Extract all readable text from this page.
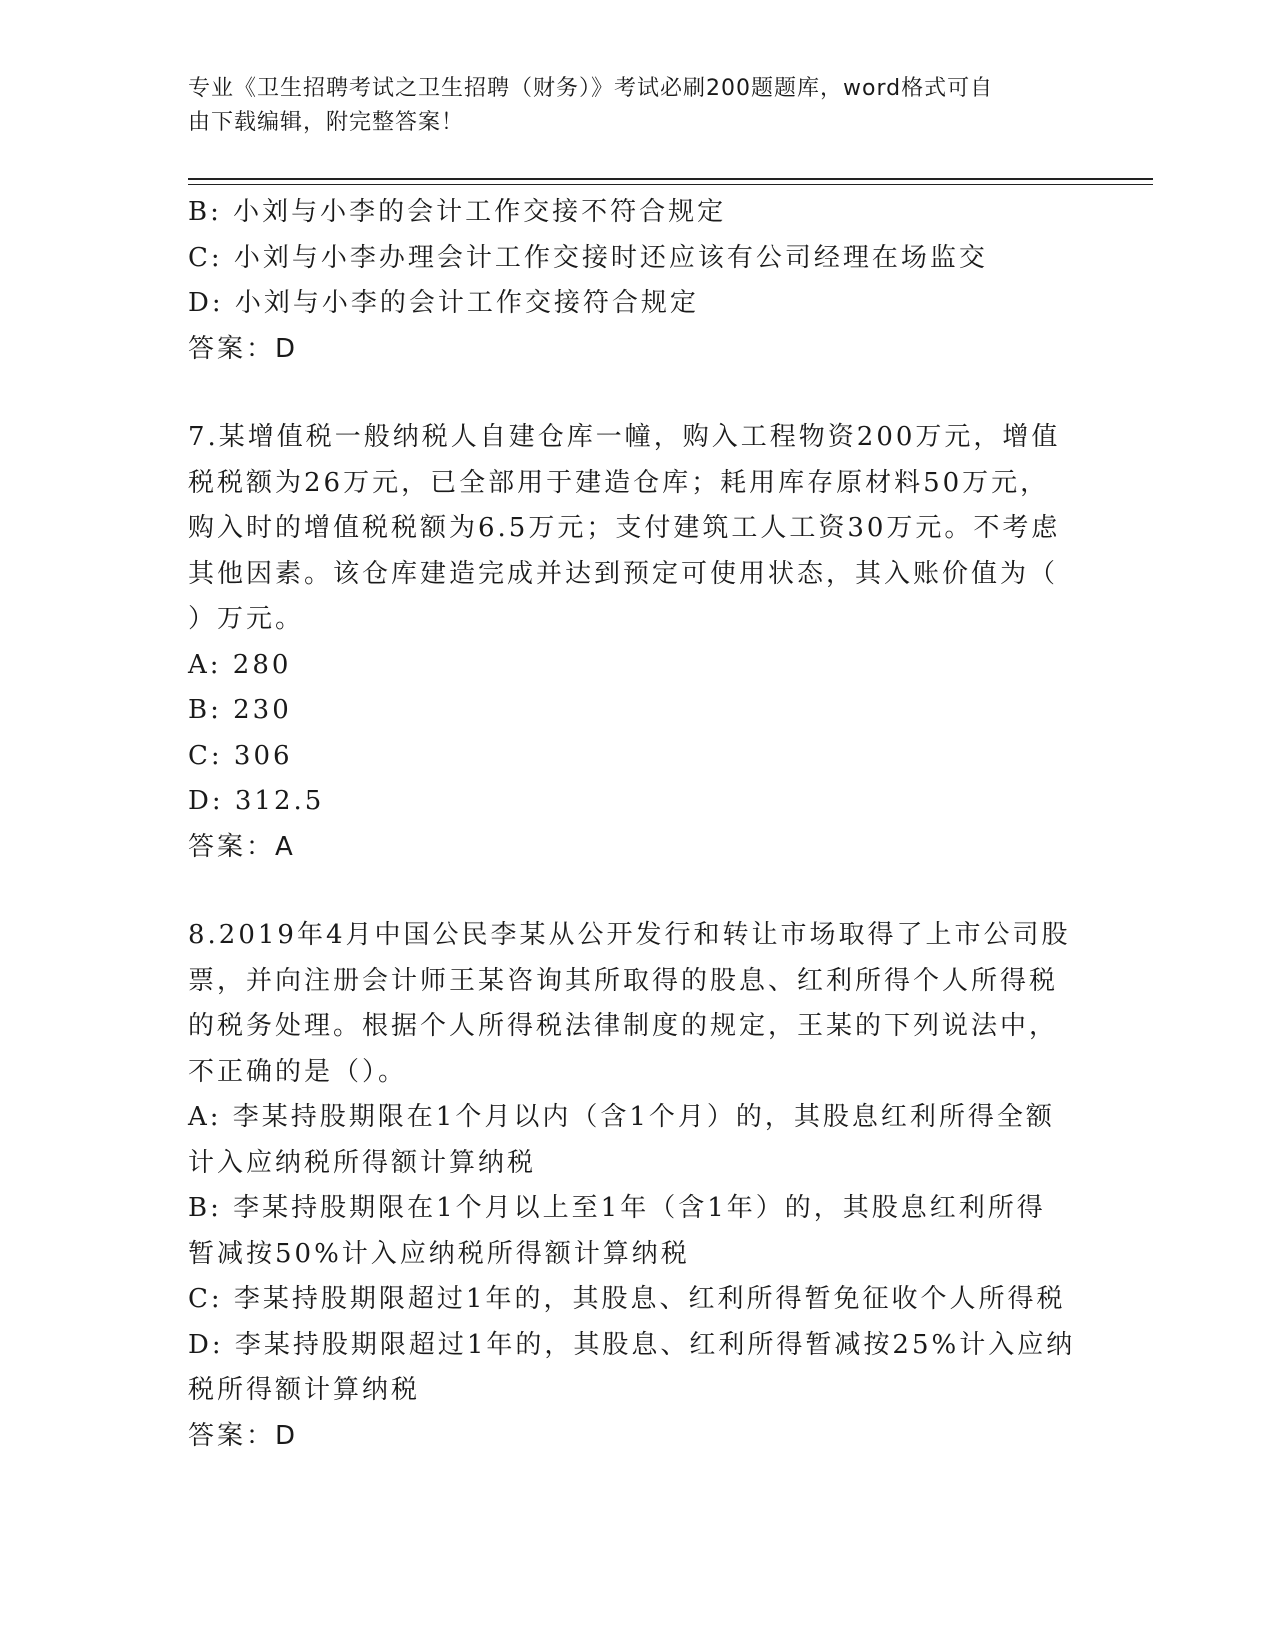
专业《卫生招聘考试之卫生招聘（财务）》考试必刷200题题库，word格式可自
由下载编辑，附完整答案！
B: 小刘与小李的会计工作交接不符合规定
C: 小刘与小李办理会计工作交接时还应该有公司经理在场监交
D: 小刘与小李的会计工作交接符合规定
答案：D
7.某增值税一般纳税人自建仓库一幢，购入工程物资200万元，增值
税税额为26万元，已全部用于建造仓库；耗用库存原材料50万元，
购入时的增值税税额为6.5万元；支付建筑工人工资30万元。不考虑
其他因素。该仓库建造完成并达到预定可使用状态，其入账价值为（
）万元。
A: 280
B: 230
C: 306
D: 312.5
答案：A
8.2019年4月中国公民李某从公开发行和转让市场取得了上市公司股
票，并向注册会计师王某咨询其所取得的股息、红利所得个人所得税
的税务处理。根据个人所得税法律制度的规定，王某的下列说法中，
不正确的是（）。
A: 李某持股期限在1个月以内（含1个月）的，其股息红利所得全额
计入应纳税所得额计算纳税
B: 李某持股期限在1个月以上至1年（含1年）的，其股息红利所得
暂减按50%计入应纳税所得额计算纳税
C: 李某持股期限超过1年的，其股息、红利所得暂免征收个人所得税
D: 李某持股期限超过1年的，其股息、红利所得暂减按25%计入应纳
税所得额计算纳税
答案：D
